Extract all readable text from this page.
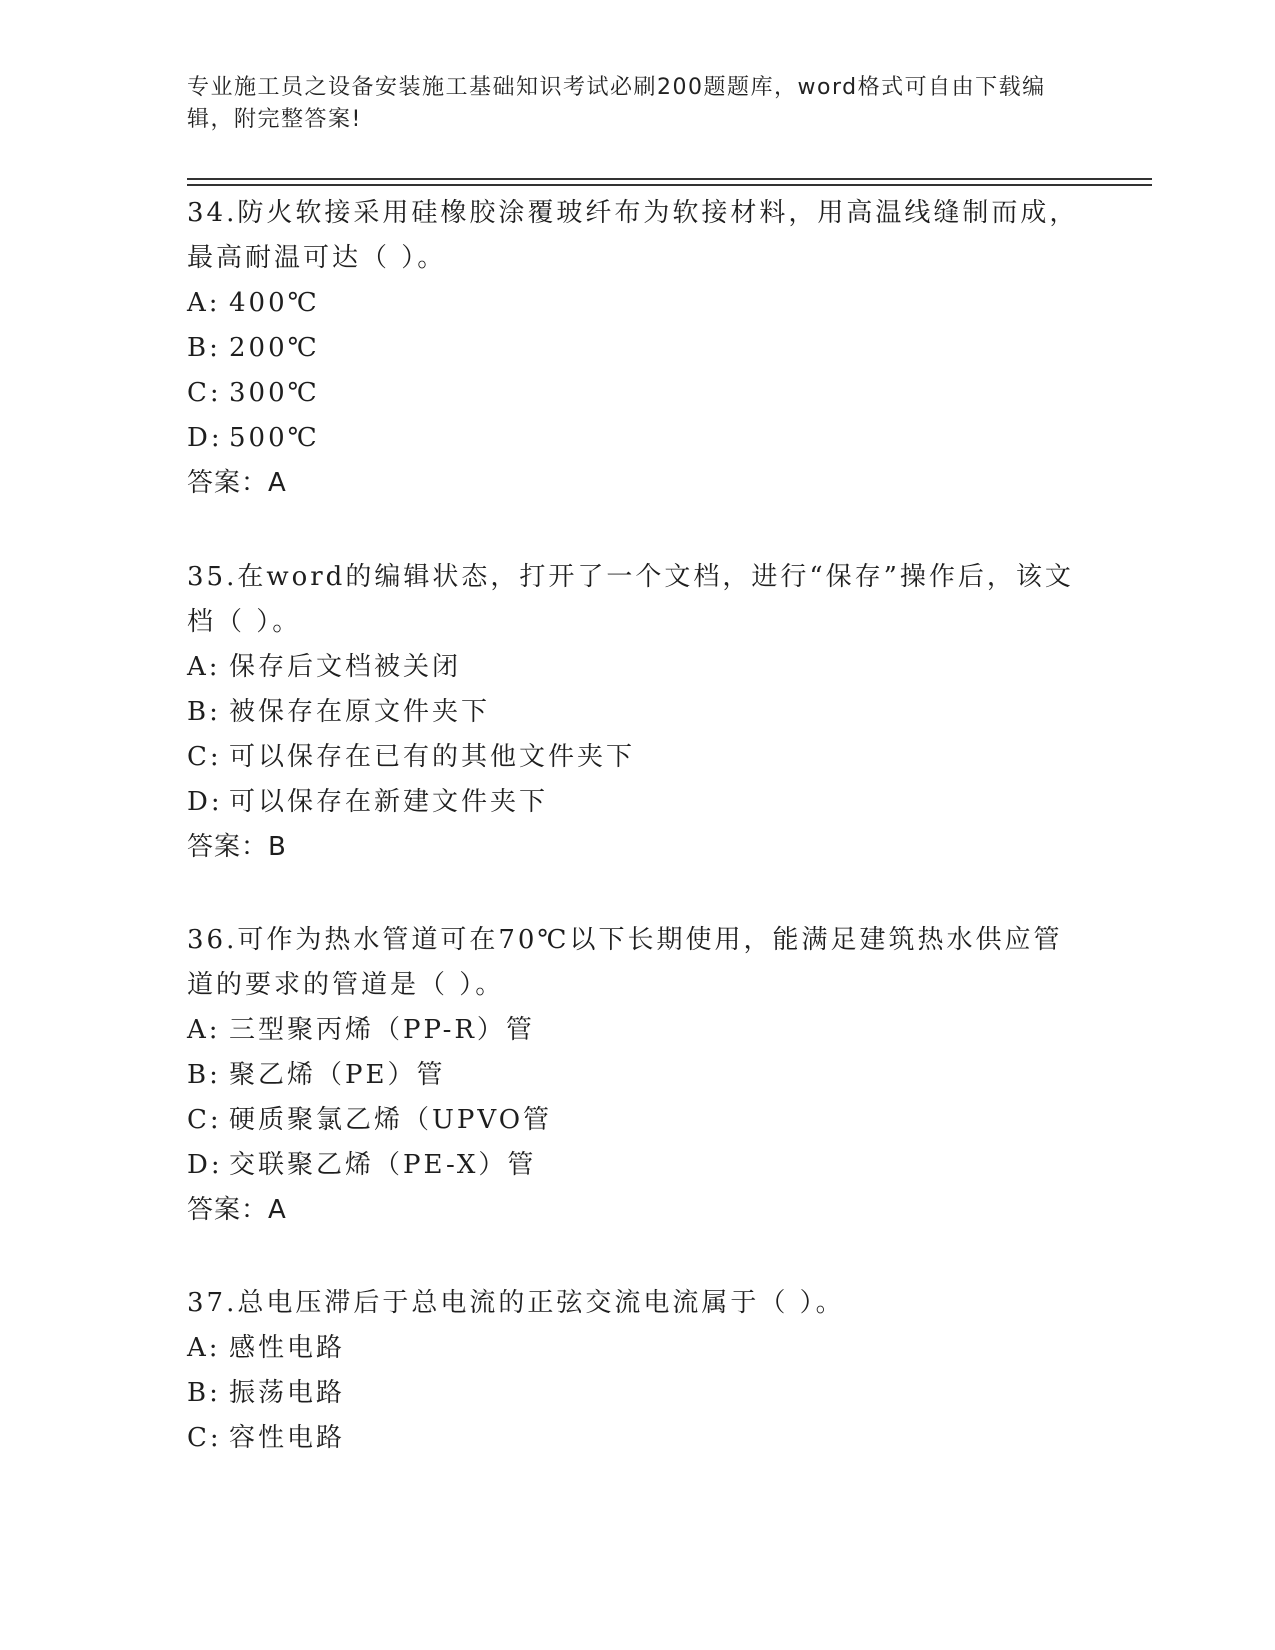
专业施工员之设备安装施工基础知识考试必刷200题题库，word格式可自由下载编辑，附完整答案!

34.防火软接采用硅橡胶涂覆玻纤布为软接材料，用高温线缝制而成，最高耐温可达（ ）。

A: 400℃

B: 200℃

C: 300℃

D: 500℃

答案：A

35.在word的编辑状态，打开了一个文档，进行“保存”操作后，该文档（ ）。

A: 保存后文档被关闭

B: 被保存在原文件夹下

C: 可以保存在已有的其他文件夹下

D: 可以保存在新建文件夹下

答案：B

36.可作为热水管道可在70℃以下长期使用，能满足建筑热水供应管道的要求的管道是（ ）。

A: 三型聚丙烯（PP-R）管

B: 聚乙烯（PE）管

C: 硬质聚氯乙烯（UPVO管

D: 交联聚乙烯（PE-X）管

答案：A

37.总电压滞后于总电流的正弦交流电流属于（ ）。

A: 感性电路

B: 振荡电路

C: 容性电路
